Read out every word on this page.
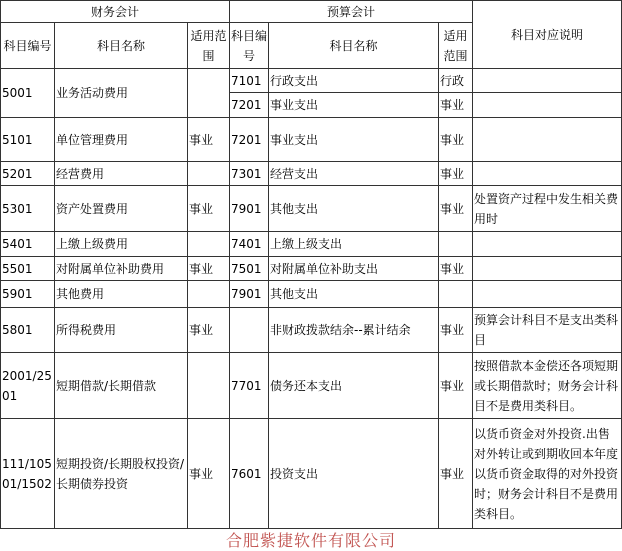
财务会计			预算会计			科目对应说明
科目编号	科目名称	适用范围	科目编号	科目名称	适用范围	
5001	业务活动费用		7101	行政支出	行政	
			7201	事业支出	事业	
5101	单位管理费用	事业	7201	事业支出	事业	
5201	经营费用		7301	经营支出	事业	
5301	资产处置费用	事业	7901	其他支出	事业	处置资产过程中发生相关费用时
5401	上缴上级费用		7401	上缴上级支出		
5501	对附属单位补助费用	事业	7501	对附属单位补助支出	事业	
5901	其他费用		7901	其他支出		
5801	所得税费用	事业		非财政拨款结余--累计结余	事业	预算会计科目不是支出类科目
2001/2501	短期借款/长期借款		7701	债务还本支出	事业	按照借款本金偿还各项短期或长期借款时；财务会计科目不是费用类科目。
111/10501/1502	短期投资/长期股权投资/长期债券投资	事业	7601	投资支出	事业	以货币资金对外投资.出售对外转让或到期收回本年度以货币资金取得的对外投资时；财务会计科目不是费用类科目。
合肥紫捷软件有限公司
